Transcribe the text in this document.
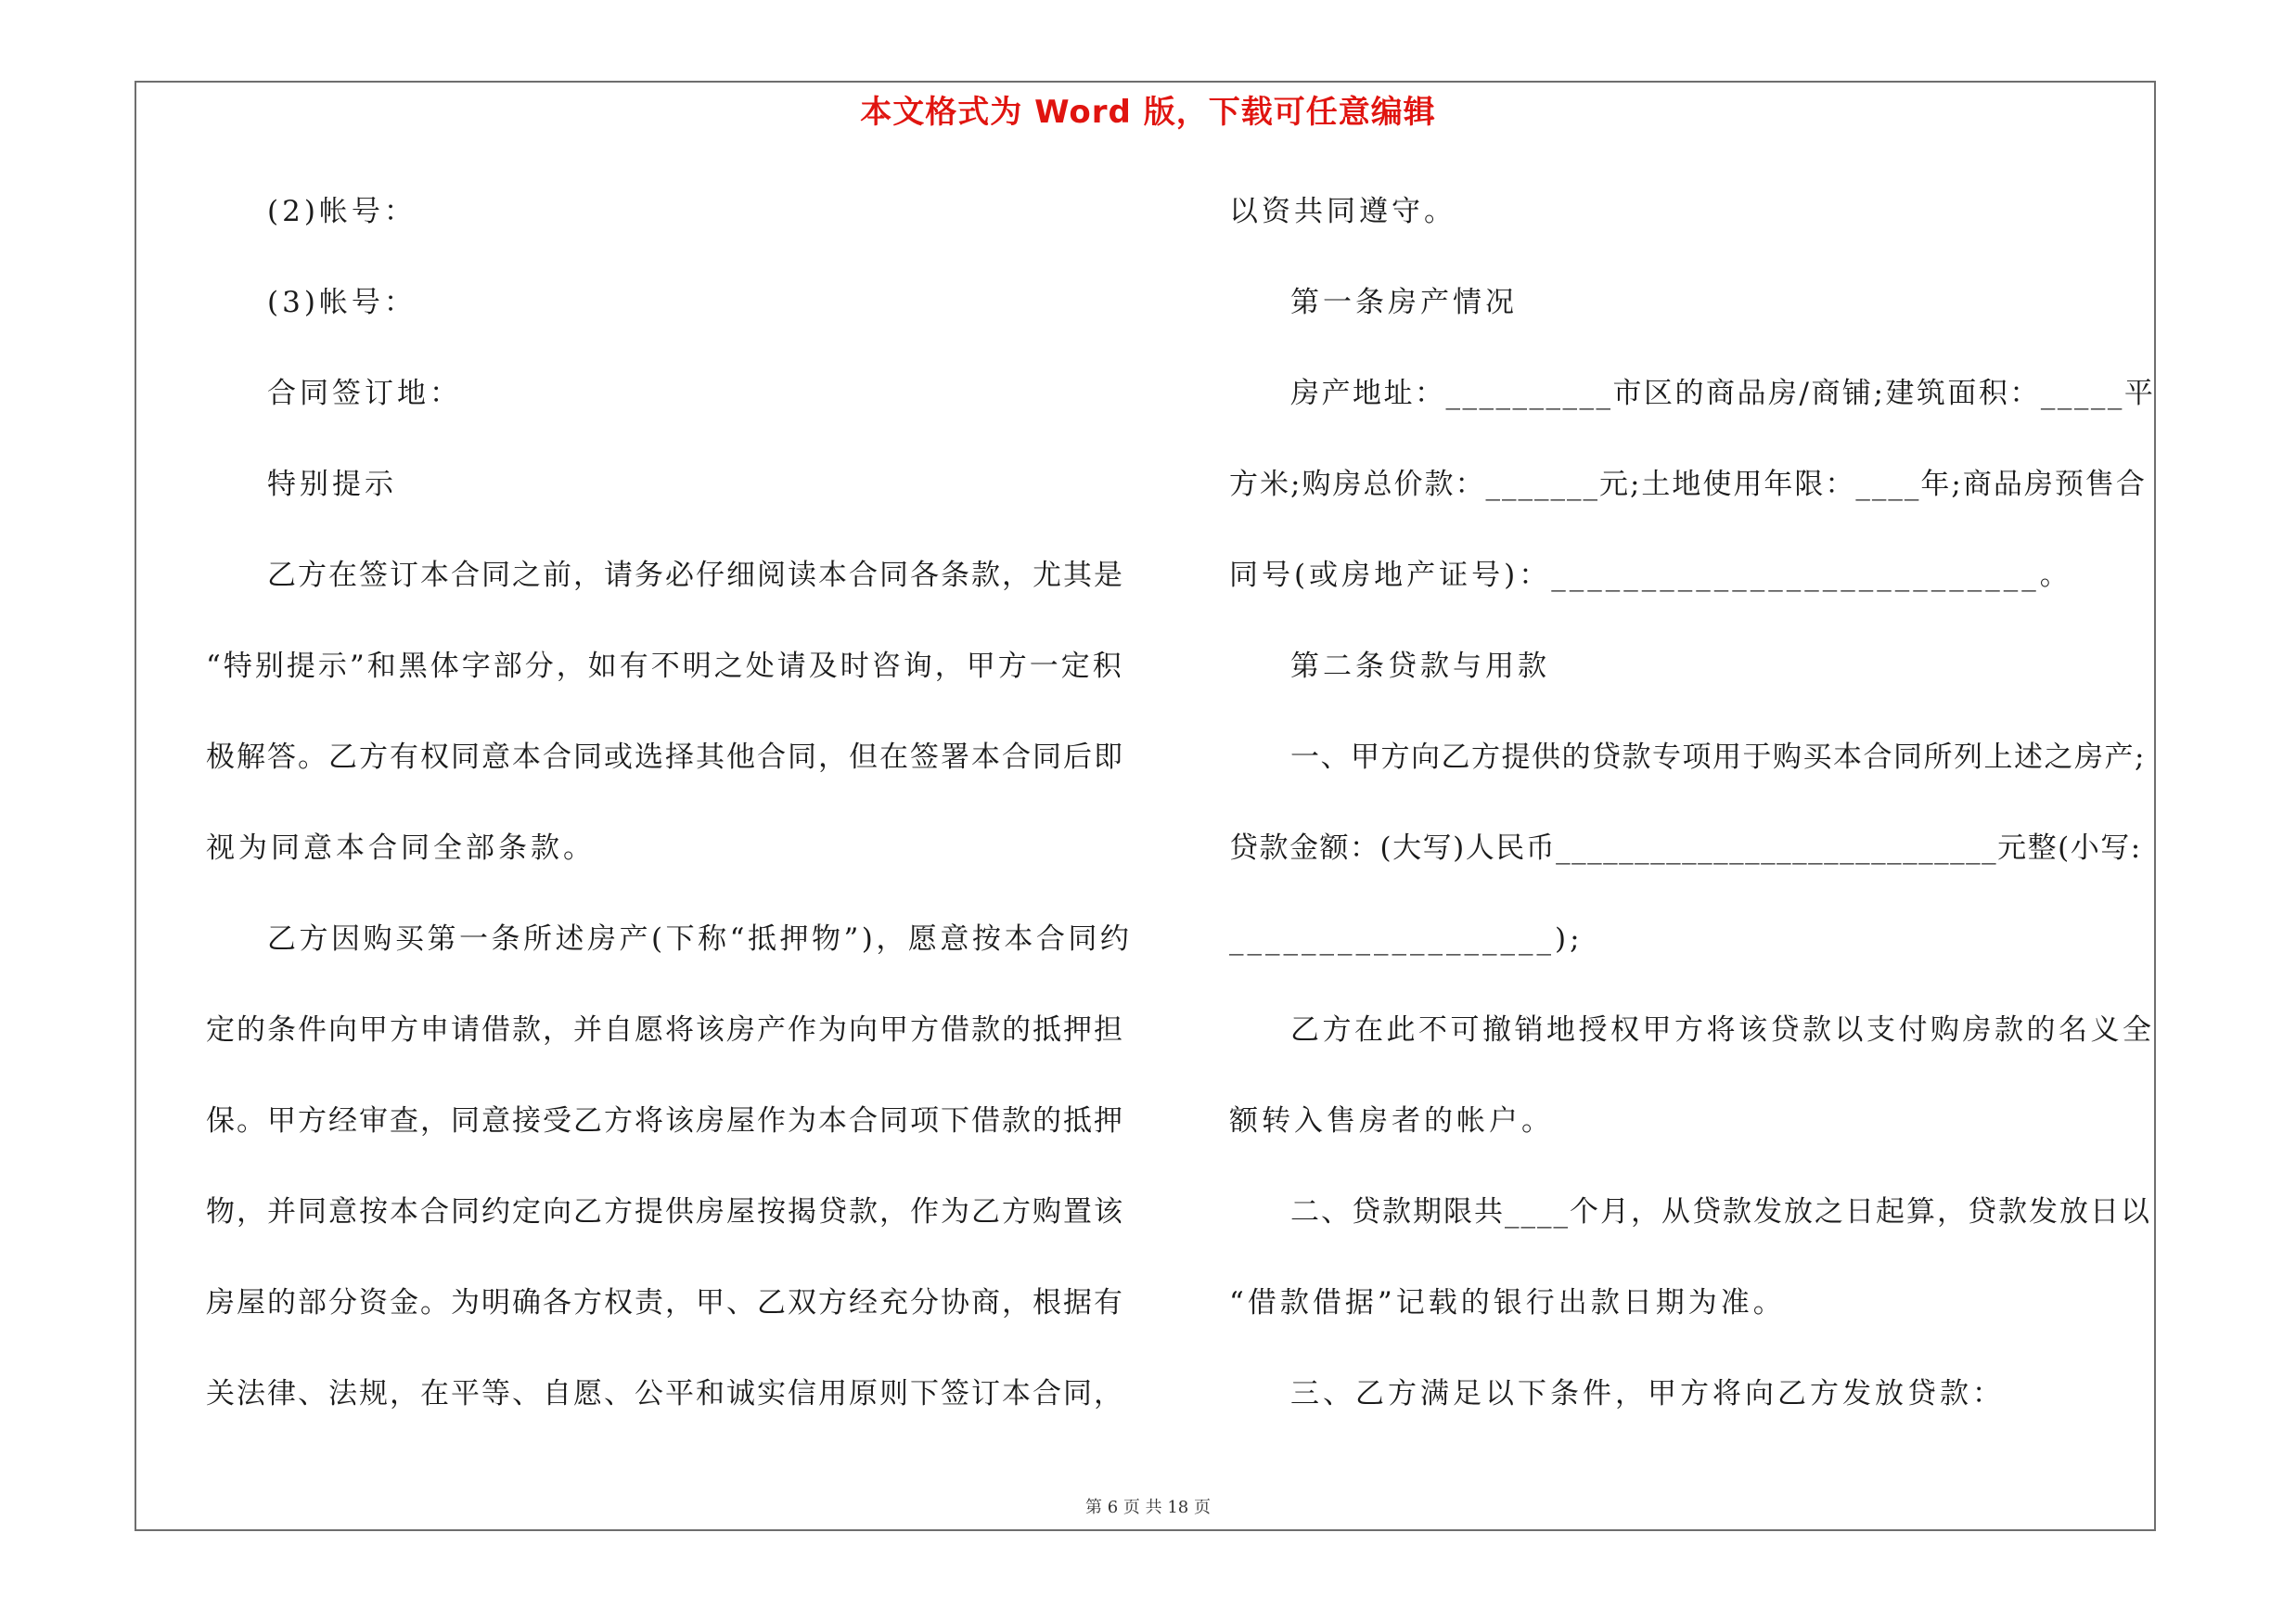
本文格式为 Word 版，下载可任意编辑
(2)帐号：
(3)帐号：
合同签订地：
特别提示
乙方在签订本合同之前，请务必仔细阅读本合同各条款，尤其是
“特别提示”和黑体字部分，如有不明之处请及时咨询，甲方一定积
极解答。乙方有权同意本合同或选择其他合同，但在签署本合同后即
视为同意本合同全部条款。
乙方因购买第一条所述房产(下称“抵押物”)，愿意按本合同约
定的条件向甲方申请借款，并自愿将该房产作为向甲方借款的抵押担
保。甲方经审查，同意接受乙方将该房屋作为本合同项下借款的抵押
物，并同意按本合同约定向乙方提供房屋按揭贷款，作为乙方购置该
房屋的部分资金。为明确各方权责，甲、乙双方经充分协商，根据有
关法律、法规，在平等、自愿、公平和诚实信用原则下签订本合同，
以资共同遵守。
第一条房产情况
房产地址：__________市区的商品房/商铺;建筑面积：_____平
方米;购房总价款：_______元;土地使用年限：____年;商品房预售合
同号(或房地产证号)：___________________________。
第二条贷款与用款
一、甲方向乙方提供的贷款专项用于购买本合同所列上述之房产;
贷款金额：(大写)人民币____________________________元整(小写:
__________________);
乙方在此不可撤销地授权甲方将该贷款以支付购房款的名义全
额转入售房者的帐户。
二、贷款期限共____个月，从贷款发放之日起算，贷款发放日以
“借款借据”记载的银行出款日期为准。
三、乙方满足以下条件，甲方将向乙方发放贷款：
第 6 页 共 18 页
